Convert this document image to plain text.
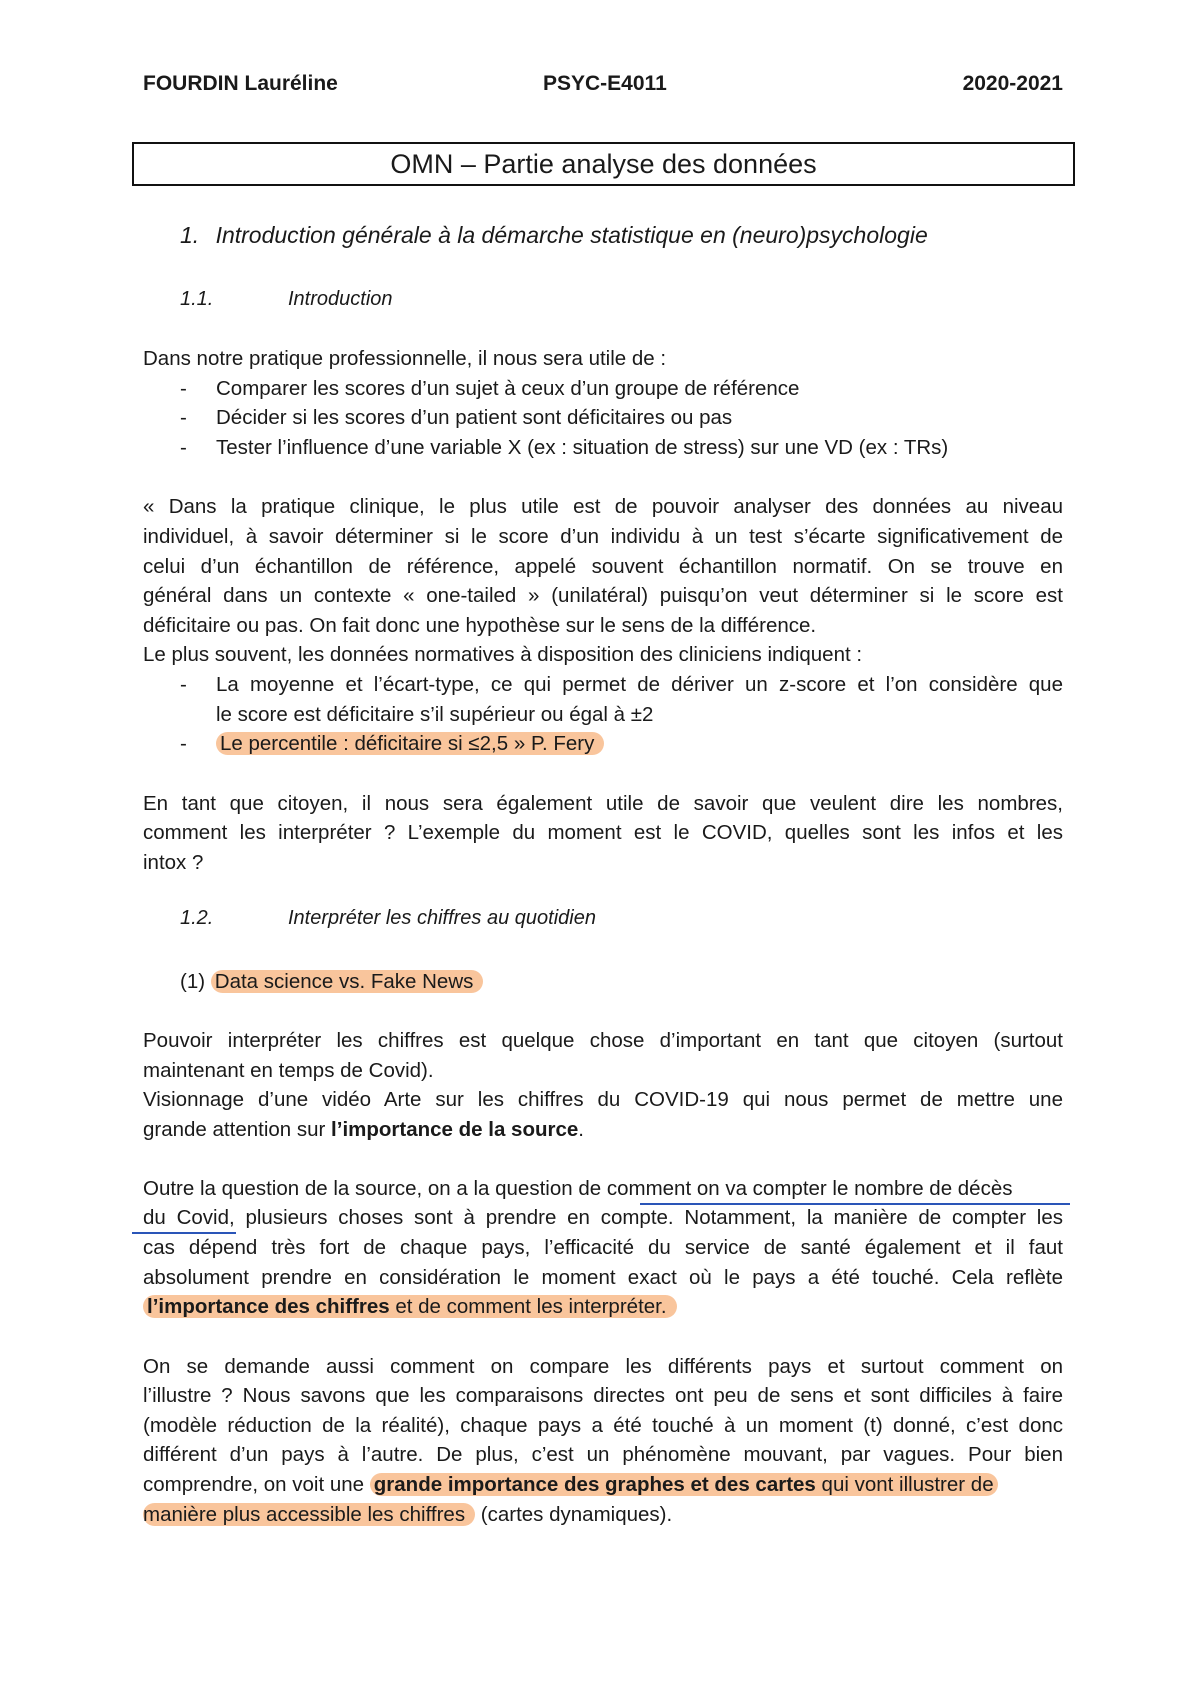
FOURDIN Lauréline	PSYC-E4011	2020-2021
OMN – Partie analyse des données
1. Introduction générale à la démarche statistique en (neuro)psychologie
1.1.	Introduction
Dans notre pratique professionnelle, il nous sera utile de :
- Comparer les scores d’un sujet à ceux d’un groupe de référence
- Décider si les scores d’un patient sont déficitaires ou pas
- Tester l’influence d’une variable X (ex : situation de stress) sur une VD (ex : TRs)
« Dans la pratique clinique, le plus utile est de pouvoir analyser des données au niveau
individuel, à savoir déterminer si le score d’un individu à un test s’écarte significativement de
celui d’un échantillon de référence, appelé souvent échantillon normatif. On se trouve en
général dans un contexte « one-tailed » (unilatéral) puisqu’on veut déterminer si le score est
déficitaire ou pas. On fait donc une hypothèse sur le sens de la différence.
Le plus souvent, les données normatives à disposition des cliniciens indiquent :
- La moyenne et l’écart-type, ce qui permet de dériver un z-score et l’on considère que
le score est déficitaire s’il supérieur ou égal à ±2
- Le percentile : déficitaire si ≤2,5 » P. Fery
En tant que citoyen, il nous sera également utile de savoir que veulent dire les nombres,
comment les interpréter ? L’exemple du moment est le COVID, quelles sont les infos et les
intox ?
1.2.	Interpréter les chiffres au quotidien
(1) Data science vs. Fake News
Pouvoir interpréter les chiffres est quelque chose d’important en tant que citoyen (surtout
maintenant en temps de Covid).
Visionnage d’une vidéo Arte sur les chiffres du COVID-19 qui nous permet de mettre une
grande attention sur l’importance de la source.
Outre la question de la source, on a la question de comment on va compter le nombre de décès
du Covid, plusieurs choses sont à prendre en compte. Notamment, la manière de compter les
cas dépend très fort de chaque pays, l’efficacité du service de santé également et il faut
absolument prendre en considération le moment exact où le pays a été touché. Cela reflète
l’importance des chiffres et de comment les interpréter.
On se demande aussi comment on compare les différents pays et surtout comment on
l’illustre ? Nous savons que les comparaisons directes ont peu de sens et sont difficiles à faire
(modèle réduction de la réalité), chaque pays a été touché à un moment (t) donné, c’est donc
différent d’un pays à l’autre. De plus, c’est un phénomène mouvant, par vagues. Pour bien
comprendre, on voit une grande importance des graphes et des cartes qui vont illustrer de
manière plus accessible les chiffres (cartes dynamiques).
